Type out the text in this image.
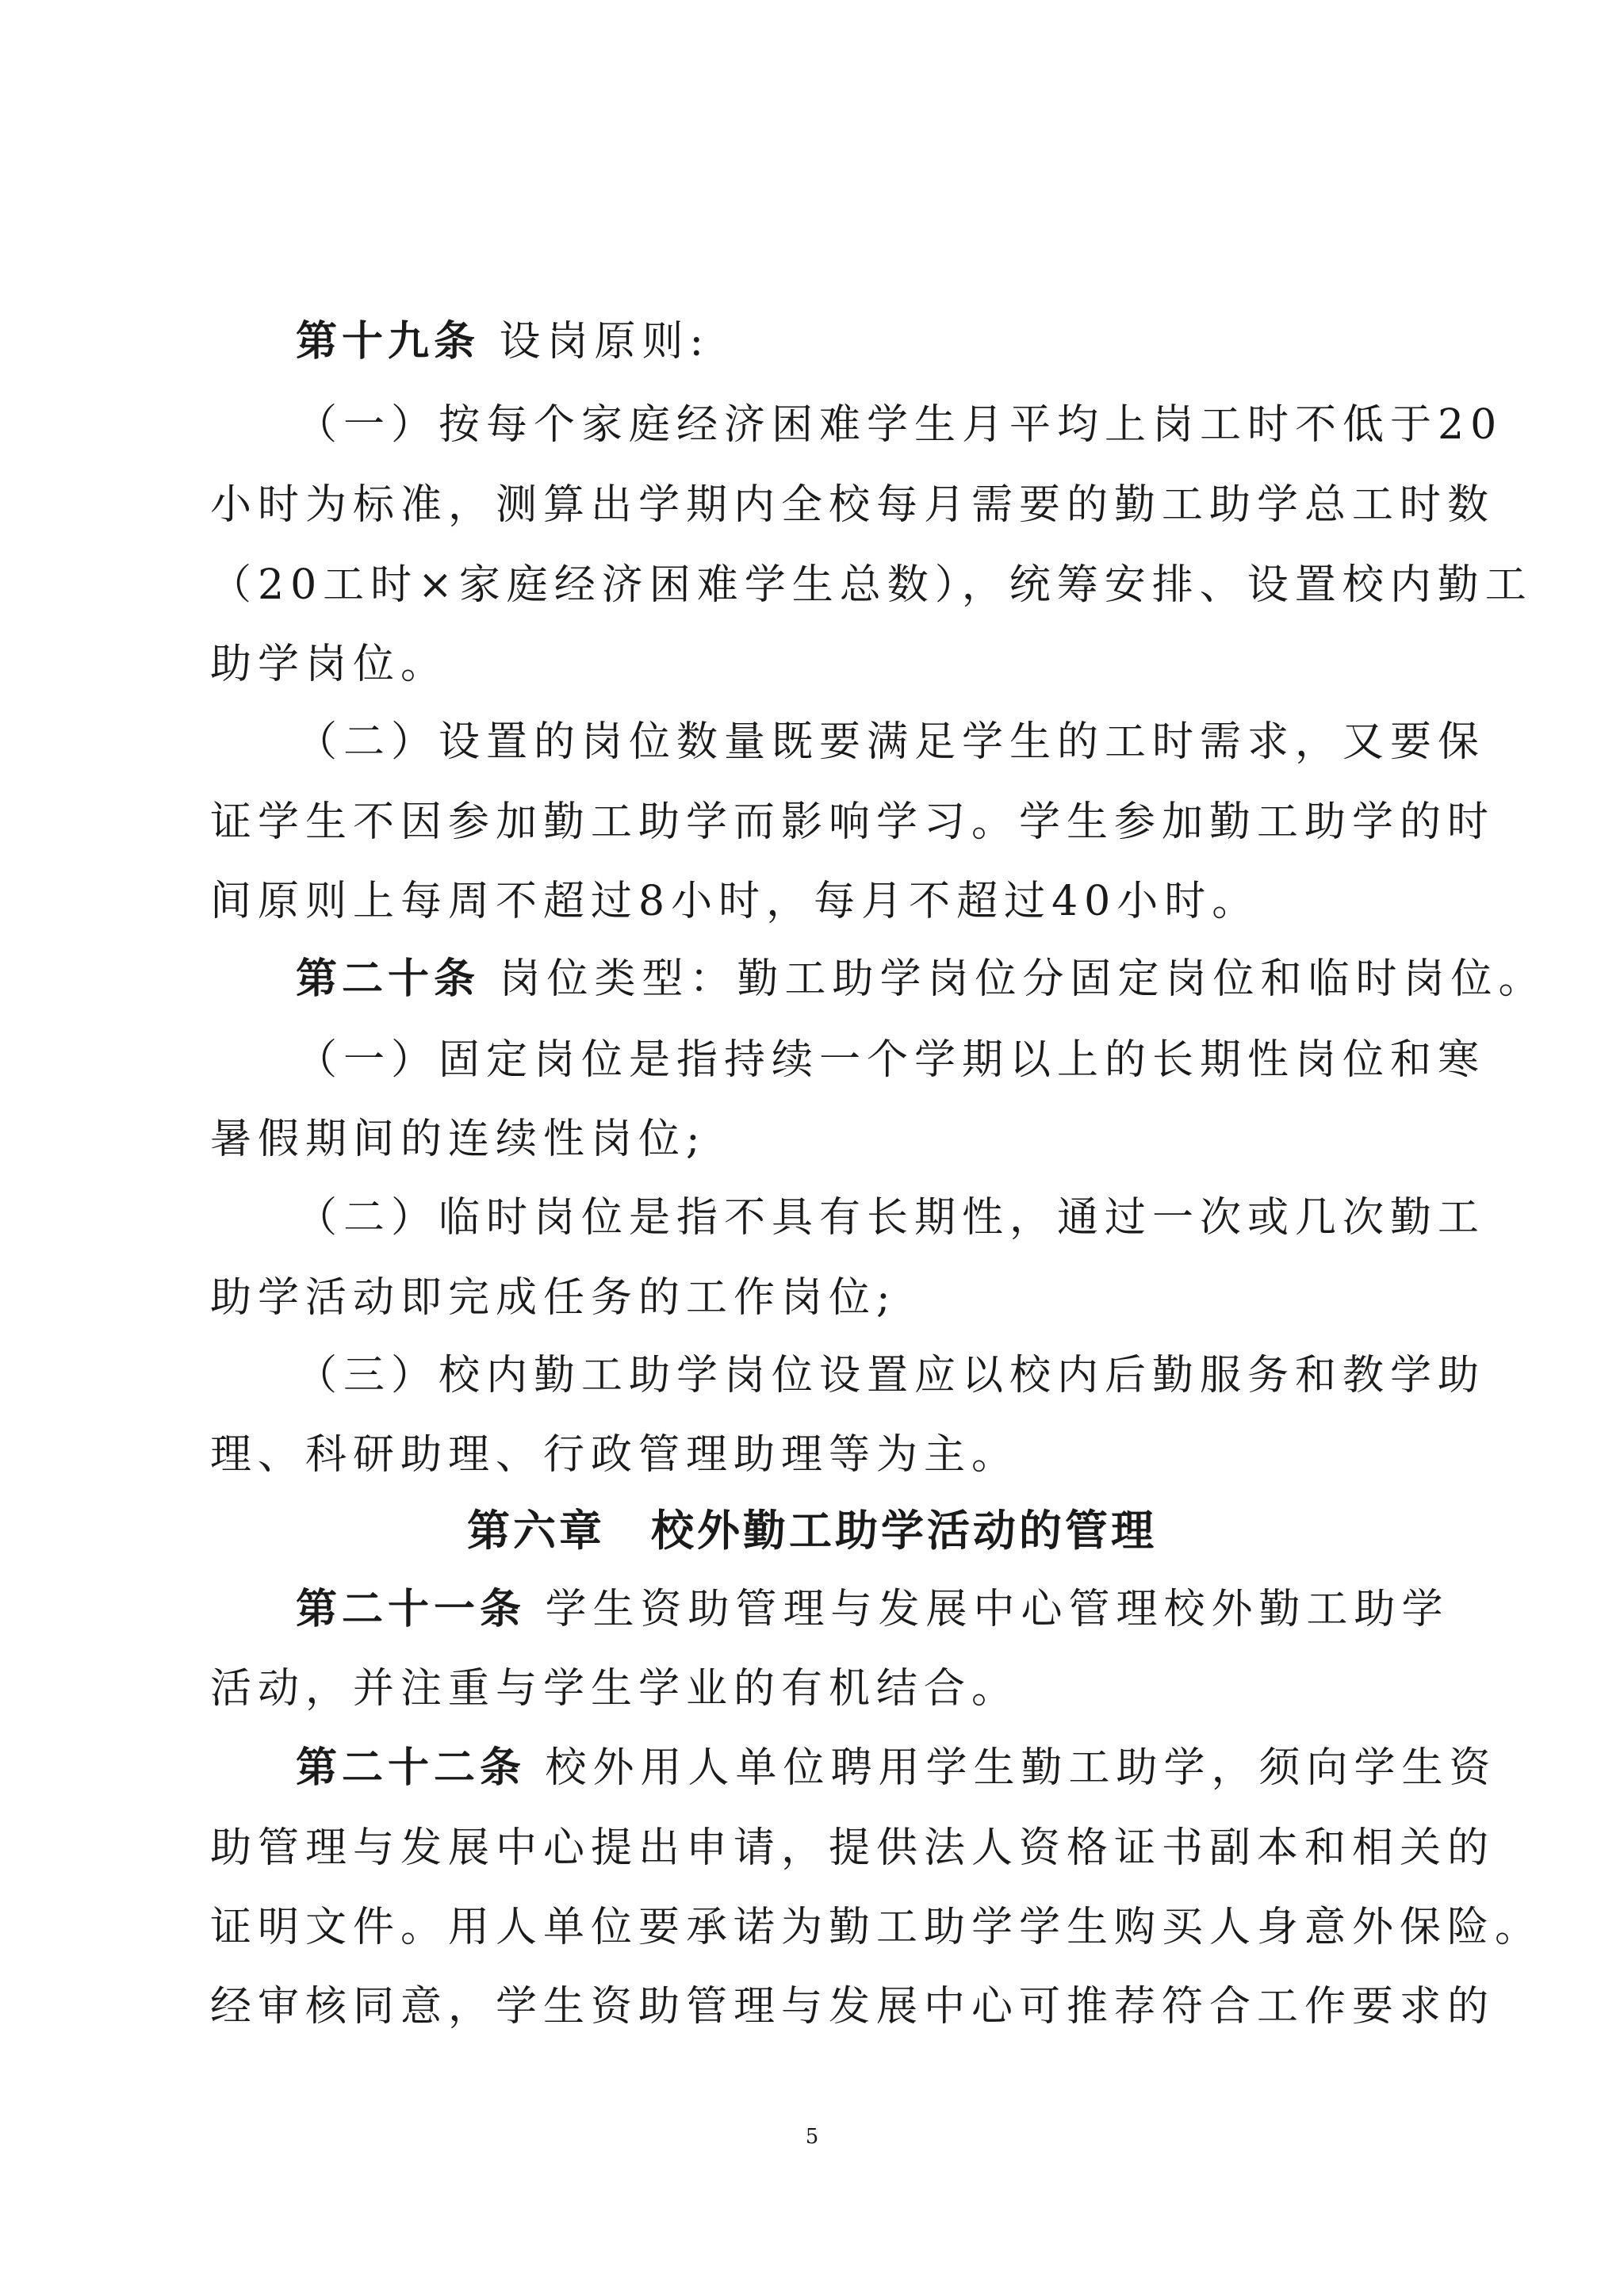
第十九条 设岗原则:

（一）按每个家庭经济困难学生月平均上岗工时不低于20

小时为标准，测算出学期内全校每月需要的勤工助学总工时数

（20工时×家庭经济困难学生总数），统筹安排、设置校内勤工

助学岗位。

（二）设置的岗位数量既要满足学生的工时需求，又要保

证学生不因参加勤工助学而影响学习。学生参加勤工助学的时

间原则上每周不超过8小时，每月不超过40小时。

第二十条 岗位类型：勤工助学岗位分固定岗位和临时岗位。

（一）固定岗位是指持续一个学期以上的长期性岗位和寒

暑假期间的连续性岗位;

（二）临时岗位是指不具有长期性，通过一次或几次勤工

助学活动即完成任务的工作岗位;

（三）校内勤工助学岗位设置应以校内后勤服务和教学助

理、科研助理、行政管理助理等为主。

第六章　校外勤工助学活动的管理

第二十一条 学生资助管理与发展中心管理校外勤工助学

活动，并注重与学生学业的有机结合。

第二十二条 校外用人单位聘用学生勤工助学，须向学生资

助管理与发展中心提出申请，提供法人资格证书副本和相关的

证明文件。用人单位要承诺为勤工助学学生购买人身意外保险。

经审核同意，学生资助管理与发展中心可推荐符合工作要求的

5
